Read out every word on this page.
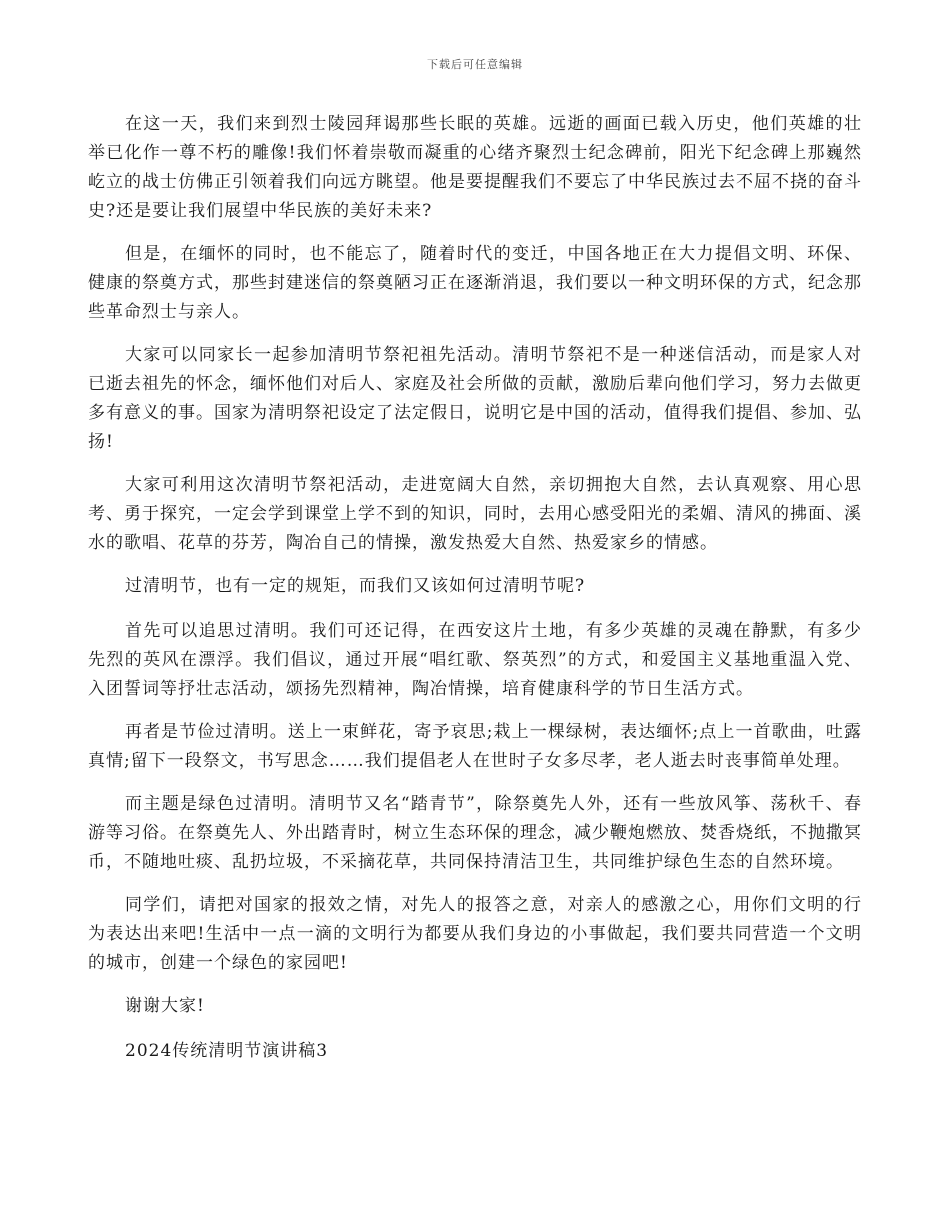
下载后可任意编辑

在这一天，我们来到烈士陵园拜谒那些长眠的英雄。远逝的画面已载入历史，他们英雄的壮举已化作一尊不朽的雕像!我们怀着崇敬而凝重的心绪齐聚烈士纪念碑前，阳光下纪念碑上那巍然屹立的战士仿佛正引领着我们向远方眺望。他是要提醒我们不要忘了中华民族过去不屈不挠的奋斗史?还是要让我们展望中华民族的美好未来?

但是，在缅怀的同时，也不能忘了，随着时代的变迁，中国各地正在大力提倡文明、环保、健康的祭奠方式，那些封建迷信的祭奠陋习正在逐渐消退，我们要以一种文明环保的方式，纪念那些革命烈士与亲人。

大家可以同家长一起参加清明节祭祀祖先活动。清明节祭祀不是一种迷信活动，而是家人对已逝去祖先的怀念，缅怀他们对后人、家庭及社会所做的贡献，激励后辈向他们学习，努力去做更多有意义的事。国家为清明祭祀设定了法定假日，说明它是中国的活动，值得我们提倡、参加、弘扬!

大家可利用这次清明节祭祀活动，走进宽阔大自然，亲切拥抱大自然，去认真观察、用心思考、勇于探究，一定会学到课堂上学不到的知识，同时，去用心感受阳光的柔媚、清风的拂面、溪水的歌唱、花草的芬芳，陶冶自己的情操，激发热爱大自然、热爱家乡的情感。

过清明节，也有一定的规矩，而我们又该如何过清明节呢?

首先可以追思过清明。我们可还记得，在西安这片土地，有多少英雄的灵魂在静默，有多少先烈的英风在漂浮。我们倡议，通过开展“唱红歌、祭英烈”的方式，和爱国主义基地重温入党、入团誓词等抒壮志活动，颂扬先烈精神，陶冶情操，培育健康科学的节日生活方式。

再者是节俭过清明。送上一束鲜花，寄予哀思;栽上一棵绿树，表达缅怀;点上一首歌曲，吐露真情;留下一段祭文，书写思念……我们提倡老人在世时子女多尽孝，老人逝去时丧事简单处理。

而主题是绿色过清明。清明节又名“踏青节”，除祭奠先人外，还有一些放风筝、荡秋千、春游等习俗。在祭奠先人、外出踏青时，树立生态环保的理念，减少鞭炮燃放、焚香烧纸，不抛撒冥币，不随地吐痰、乱扔垃圾，不采摘花草，共同保持清洁卫生，共同维护绿色生态的自然环境。

同学们，请把对国家的报效之情，对先人的报答之意，对亲人的感激之心，用你们文明的行为表达出来吧!生活中一点一滴的文明行为都要从我们身边的小事做起，我们要共同营造一个文明的城市，创建一个绿色的家园吧!

谢谢大家!

2024传统清明节演讲稿3
